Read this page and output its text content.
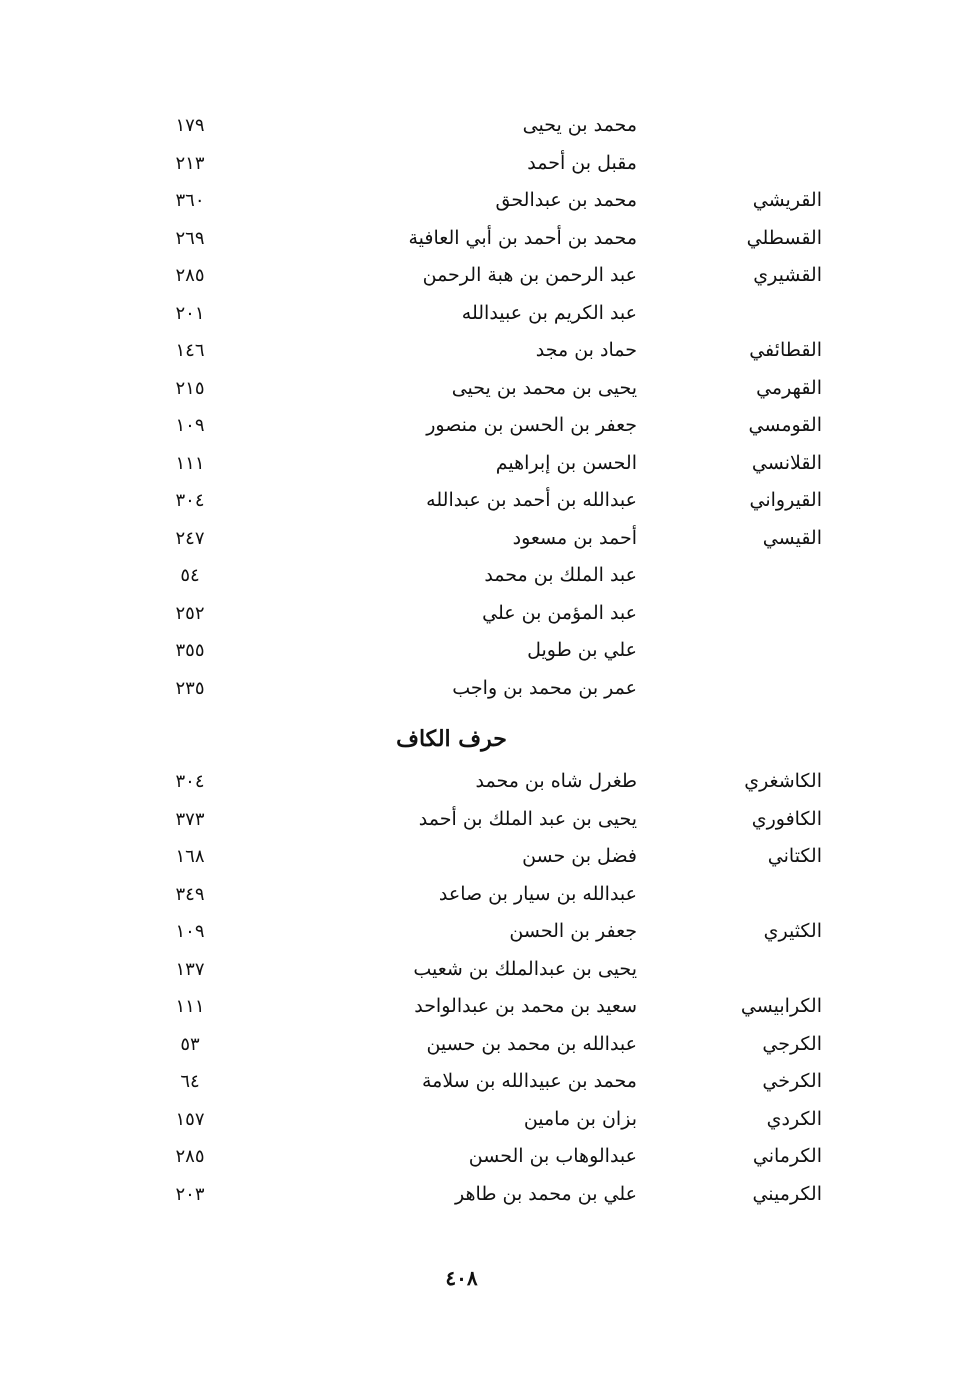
محمد بن يحيى
١٧٩
مقبل بن أحمد
٢١٣
القريشي
محمد بن عبدالحق
٣٦٠
القسطلي
محمد بن أحمد بن أبي العافية
٢٦٩
القشيري
عبد الرحمن بن هبة الرحمن
٢٨٥
عبد الكريم بن عبيدالله
٢٠١
القطائفي
حماد بن مجد
١٤٦
القهرمي
يحيى بن محمد بن يحيى
٢١٥
القومسي
جعفر بن الحسن بن منصور
١٠٩
القلانسي
الحسن بن إبراهيم
١١١
القيرواني
عبدالله بن أحمد بن عبدالله
٣٠٤
القيسي
أحمد بن مسعود
٢٤٧
عبد الملك بن محمد
٥٤
عبد المؤمن بن علي
٢٥٢
علي بن طويل
٣٥٥
عمر بن محمد بن واجب
٢٣٥
حرف الكاف
الكاشغري
طغرل شاه بن محمد
٣٠٤
الكافوري
يحيى بن عبد الملك بن أحمد
٣٧٣
الكتاني
فضل بن حسن
١٦٨
عبدالله بن سيار بن صاعد
٣٤٩
الكثيري
جعفر بن الحسن
١٠٩
يحيى بن عبدالملك بن شعيب
١٣٧
الكرابيسي
سعيد بن محمد بن عبدالواحد
١١١
الكرجي
عبدالله بن محمد بن حسين
٥٣
الكرخي
محمد بن عبيدالله بن سلامة
٦٤
الكردي
بزان بن مامين
١٥٧
الكرماني
عبدالوهاب بن الحسن
٢٨٥
الكرميني
علي بن محمد بن طاهر
٢٠٣
٤٠٨
